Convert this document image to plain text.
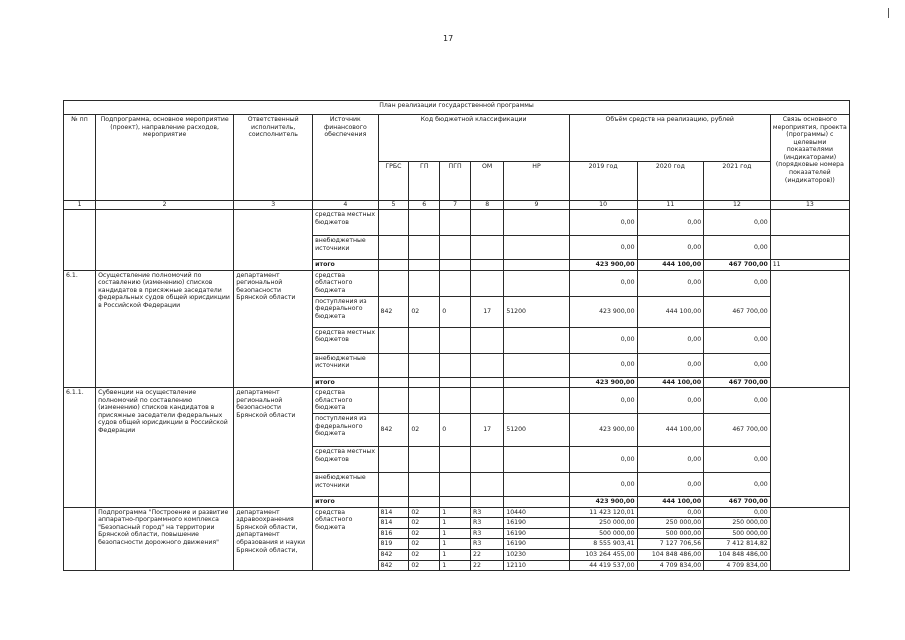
17
План реализации государственной программы												
№ пп	Подпрограмма, основное мероприятие (проект), направление расходов, мероприятие	Ответственный исполнитель, соисполнитель	Источник финансового обеспечения	Код бюджетной классификации					Объём средств на реализацию, рублей			Связь основного мероприятия, проекта (программы) с целевыми показателями (индикаторами) (порядковые номера показателей (индикаторов))
				ГРБС	ГП	ПГП	ОМ	НР	2019 год	2020 год	2021 год	
1	2	3	4	5	6	7	8	9	10	11	12	13
			средства местных бюджетов						0,00	0,00	0,00	
			внебюджетные источники						0,00	0,00	0,00	
			итого						423 900,00	444 100,00	467 700,00	11
6.1.	Осуществление полномочий по составлению (изменению) списков кандидатов в присяжные заседатели федеральных судов общей юрисдикции в Российской Федерации	департамент региональной безопасности Брянской области	средства областного бюджета						0,00	0,00	0,00	
			поступления из федерального бюджета	842	02	0	17	51200	423 900,00	444 100,00	467 700,00	
			средства местных бюджетов						0,00	0,00	0,00	
			внебюджетные источники						0,00	0,00	0,00	
			итого						423 900,00	444 100,00	467 700,00	
6.1.1.	Субвенции на осуществление полномочий по составлению (изменению) списков кандидатов в присяжные заседатели федеральных судов общей юрисдикции в Российской Федерации	департамент региональной безопасности Брянской области	средства областного бюджета						0,00	0,00	0,00	
			поступления из федерального бюджета	842	02	0	17	51200	423 900,00	444 100,00	467 700,00	
			средства местных бюджетов						0,00	0,00	0,00	
			внебюджетные источники						0,00	0,00	0,00	
			итого						423 900,00	444 100,00	467 700,00	
	Подпрограмма "Построение и развитие аппаратно-программного комплекса "Безопасный город" на территории Брянской области, повышение безопасности дорожного движения"	департамент здравоохранения Брянской области, департамент образования и науки Брянской области,	средства областного бюджета	814	02	1	R3	10440	11 423 120,01	0,00	0,00	
				814	02	1	R3	16190	250 000,00	250 000,00	250 000,00	
				816	02	1	R3	16190	500 000,00	500 000,00	500 000,00	
				819	02	1	R3	16190	8 555 903,41	7 127 706,56	7 412 814,82	
				842	02	1	22	10230	103 264 455,00	104 848 486,00	104 848 486,00	
				842	02	1	22	12110	44 419 537,00	4 709 834,00	4 709 834,00	
